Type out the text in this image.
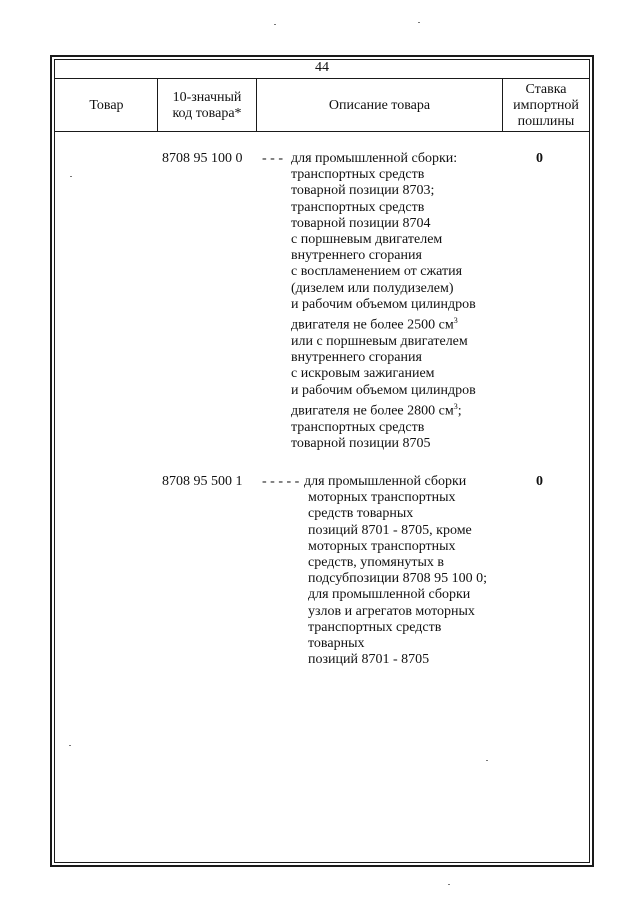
44
Товар
10-значный
код товара*
Описание товара
Ставка
импортной
пошлины
8708 95 100 0 - - -	0
для промышленной сборки:
транспортных средств
товарной позиции 8703;
транспортных средств
товарной позиции 8704
с поршневым двигателем
внутреннего сгорания
с воспламенением от сжатия
(дизелем или полудизелем)
и рабочим объемом цилиндров
двигателя не более 2500 $см^3$
или с поршневым двигателем
внутреннего сгорания
с искровым зажиганием
и рабочим объемом цилиндров
двигателя не более 2800 $см^3$;
транспортных средств
товарной позиции 8705
8708 95 500 1 - - - - -	0
для промышленной сборки
моторных транспортных
средств товарных
позиций 8701 - 8705, кроме
моторных транспортных
средств, упомянутых в
подсубпозиции 8708 95 100 0;
для промышленной сборки
узлов и агрегатов моторных
транспортных средств
товарных
позиций 8701 - 8705
